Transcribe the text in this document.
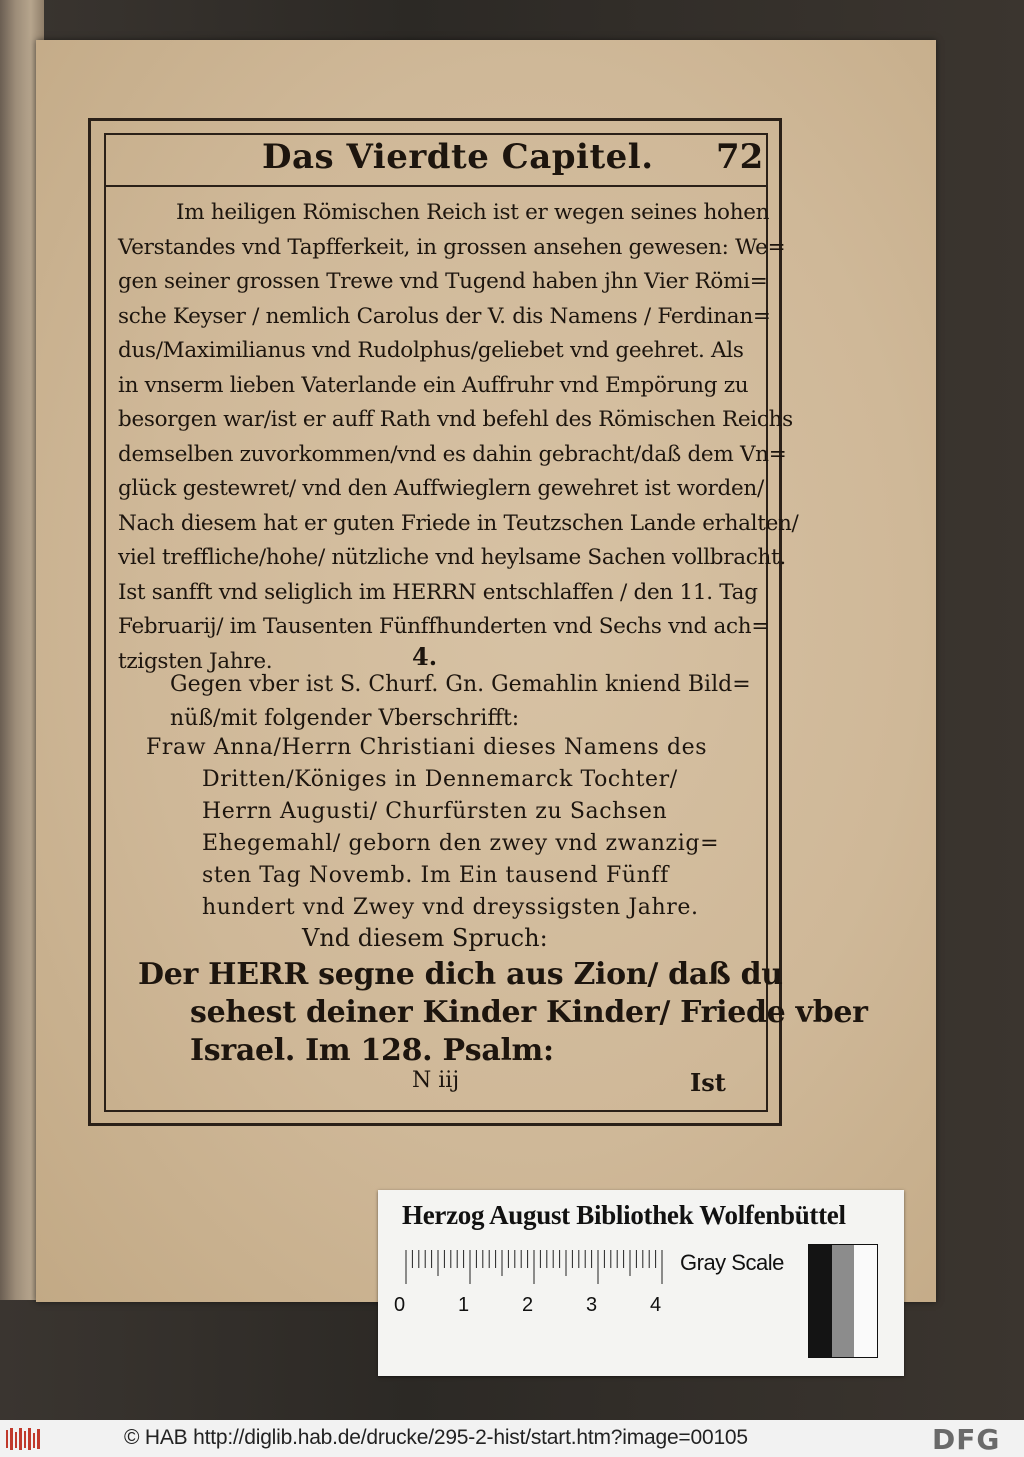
Das Vierdte Capitel. 72
Im heiligen Römischen Reich ist er wegen seines hohen
Verstandes vnd Tapfferkeit, in grossen ansehen gewesen: We=
gen seiner grossen Trewe vnd Tugend haben jhn Vier Römi=
sche Keyser / nemlich Carolus der V. dis Namens / Ferdinan=
dus/Maximilianus vnd Rudolphus/geliebet vnd geehret. Als
in vnserm lieben Vaterlande ein Auffruhr vnd Empörung zu
besorgen war/ist er auff Rath vnd befehl des Römischen Reichs
demselben zuvorkommen/vnd es dahin gebracht/daß dem Vn=
glück gestewret/ vnd den Auffwieglern gewehret ist worden/
Nach diesem hat er guten Friede in Teutzschen Lande erhalten/
viel treffliche/hohe/ nützliche vnd heylsame Sachen vollbracht.
Ist sanfft vnd seliglich im HERRN entschlaffen / den 11. Tag
Februarij/ im Tausenten Fünffhunderten vnd Sechs vnd ach=
tzigsten Jahre.	4.
Gegen vber ist S. Churf. Gn. Gemahlin kniend Bild=
nüß/mit folgender Vberschrifft:
Fraw Anna/Herrn Christiani dieses Namens des
Dritten/Königes in Dennemarck Tochter/
Herrn Augusti/ Churfürsten zu Sachsen
Ehegemahl/ geborn den zwey vnd zwanzig=
sten Tag Novemb. Im Ein tausend Fünff
hundert vnd Zwey vnd dreyssigsten Jahre.
Vnd diesem Spruch:
Der HERR segne dich aus Zion/ daß du
sehest deiner Kinder Kinder/ Friede vber
Israel. Im 128. Psalm:
N iij	Ist
Herzog August Bibliothek Wolfenbüttel
0	1	2	3	4
Gray Scale
© HAB http://diglib.hab.de/drucke/295-2-hist/start.htm?image=00105	DFG
